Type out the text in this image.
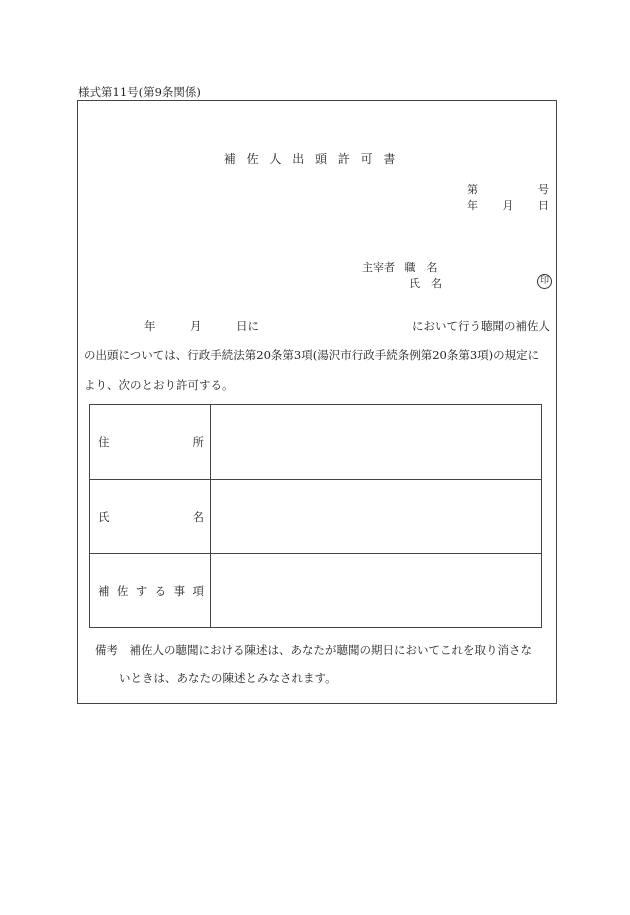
様式第11号(第9条関係)
補佐人出頭許可書
第	号
年 月 日
主宰者 職　名
氏　名	印
年　　　月　　　日に	において行う聴聞の補佐人
の出頭については、行政手続法第20条第3項(湯沢市行政手続条例第20条第3項)の規定に
より、次のとおり許可する。
住	所
氏	名
補 佐 す る 事 項
備考　補佐人の聴聞における陳述は、あなたが聴聞の期日においてこれを取り消さな
いときは、あなたの陳述とみなされます。
